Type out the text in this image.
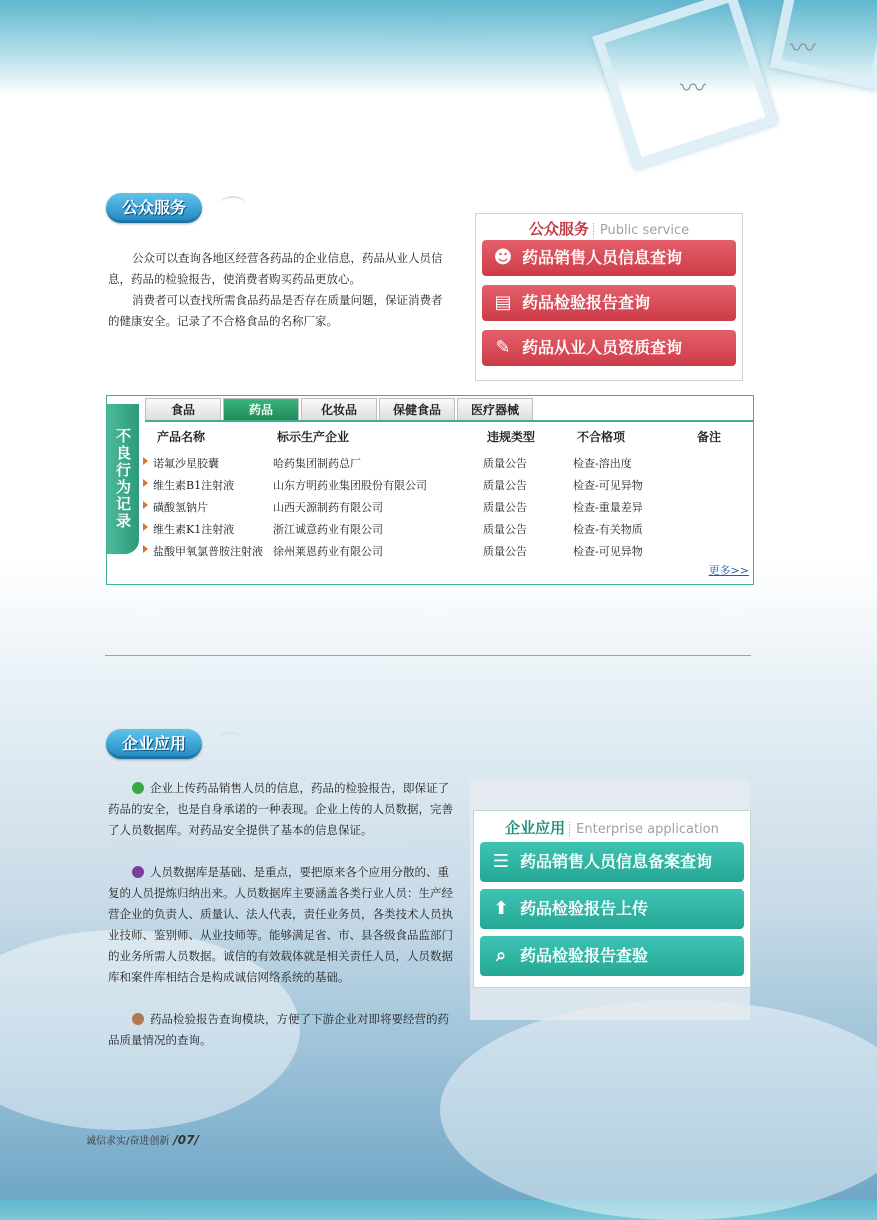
〰
〰
公众服务

公众可以查询各地区经营各药品的企业信息，药品从业人员信息，药品的检验报告，使消费者购买药品更放心。

消费者可以查找所需食品药品是否存在质量问题，保证消费者的健康安全。记录了不合格食品的名称厂家。

公众服务 Public service
☻ 药品销售人员信息查询
▤ 药品检验报告查询
✎ 药品从业人员资质查询
不良行为记录
食品	药品	化妆品	保健食品	医疗器械
产品名称	标示生产企业	违规类型	不合格项	备注
诺氟沙星胶囊	哈药集团制药总厂	质量公告	检查-溶出度
维生素B1注射液	山东方明药业集团股份有限公司	质量公告	检查-可见异物
磺酸氢钠片	山西天源制药有限公司	质量公告	检查-重量差异
维生素K1注射液	浙江诚意药业有限公司	质量公告	检查-有关物质
盐酸甲氧氯普胺注射液 徐州莱恩药业有限公司	质量公告	检查-可见异物
更多>>
企业应用

企业上传药品销售人员的信息，药品的检验报告，即保证了药品的安全，也是自身承诺的一种表现。企业上传的人员数据，完善了人员数据库。对药品安全提供了基本的信息保证。

人员数据库是基础、是重点，要把原来各个应用分散的、重复的人员提炼归纳出来。人员数据库主要涵盖各类行业人员：生产经营企业的负责人、质量认、法人代表，责任业务员，各类技术人员执业技师、鉴别师、从业技师等。能够满足省、市、县各级食品监部门的业务所需人员数据。诚信的有效载体就是相关责任人员，人员数据库和案件库相结合是构成诚信网络系统的基础。

药品检验报告查询模块，方便了下游企业对即将要经营的药品质量情况的查询。

企业应用 Enterprise application
☰ 药品销售人员信息备案查询
⬆ 药品检验报告上传
⌕ 药品检验报告查验
诚信求实/奋进创新 /07/
